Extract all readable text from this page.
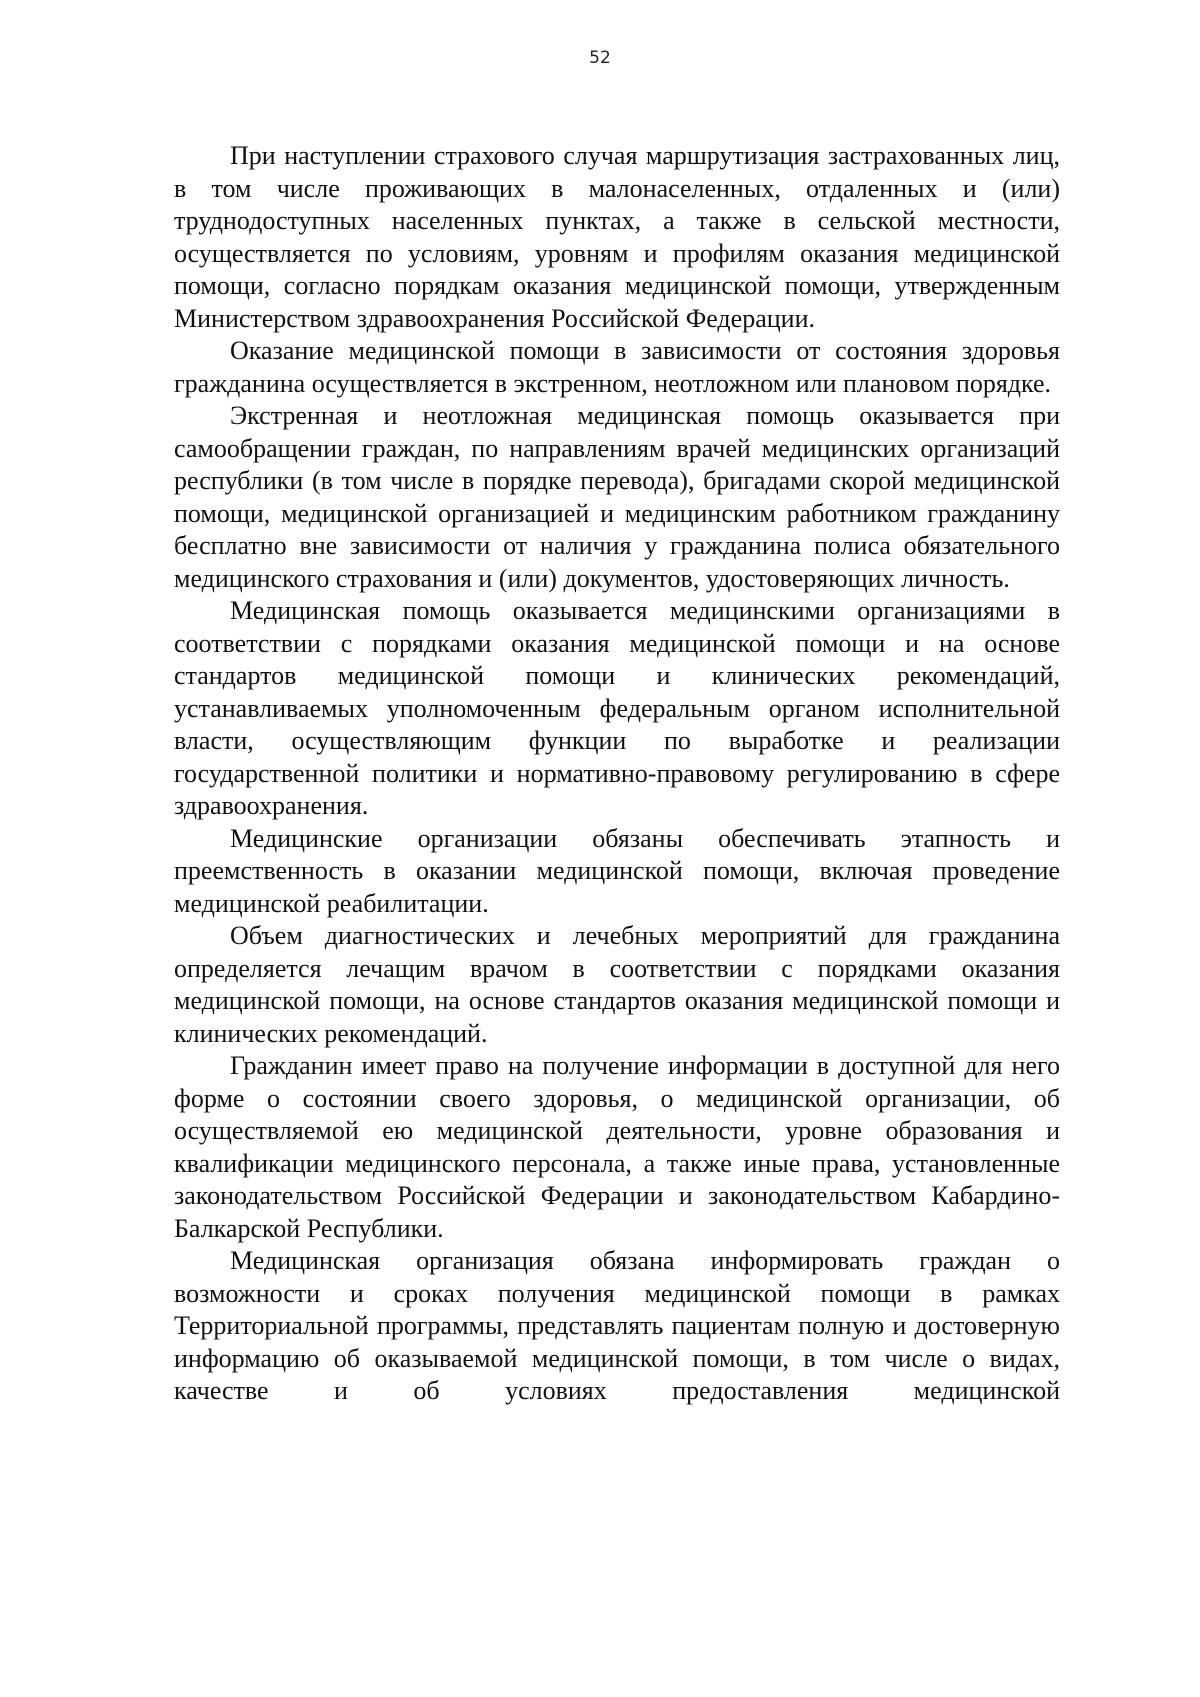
52

При наступлении страхового случая маршрутизация застрахованных лиц, в том числе проживающих в малонаселенных, отдаленных и (или) труднодоступных населенных пунктах, а также в сельской местности, осуществляется по условиям, уровням и профилям оказания медицинской помощи, согласно порядкам оказания медицинской помощи, утвержденным Министерством здравоохранения Российской Федерации.

Оказание медицинской помощи в зависимости от состояния здоровья гражданина осуществляется в экстренном, неотложном или плановом порядке.

Экстренная и неотложная медицинская помощь оказывается при самообращении граждан, по направлениям врачей медицинских организаций республики (в том числе в порядке перевода), бригадами скорой медицинской помощи, медицинской организацией и медицинским работником гражданину бесплатно вне зависимости от наличия у гражданина полиса обязательного медицинского страхования и (или) документов, удостоверяющих личность.

Медицинская помощь оказывается медицинскими организациями в соответствии с порядками оказания медицинской помощи и на основе стандартов медицинской помощи и клинических рекомендаций, устанавливаемых уполномоченным федеральным органом исполнительной власти, осуществляющим функции по выработке и реализации государственной политики и нормативно-правовому регулированию в сфере здравоохранения.

Медицинские организации обязаны обеспечивать этапность и преемственность в оказании медицинской помощи, включая проведение медицинской реабилитации.

Объем диагностических и лечебных мероприятий для гражданина определяется лечащим врачом в соответствии с порядками оказания медицинской помощи, на основе стандартов оказания медицинской помощи и клинических рекомендаций.

Гражданин имеет право на получение информации в доступной для него форме о состоянии своего здоровья, о медицинской организации, об осуществляемой ею медицинской деятельности, уровне образования и квалификации медицинского персонала, а также иные права, установленные законодательством Российской Федерации и законодательством Кабардино-Балкарской Республики.

Медицинская организация обязана информировать граждан о возможности и сроках получения медицинской помощи в рамках Территориальной программы, представлять пациентам полную и достоверную информацию об оказываемой медицинской помощи, в том числе о видах, качестве и об условиях предоставления медицинской
